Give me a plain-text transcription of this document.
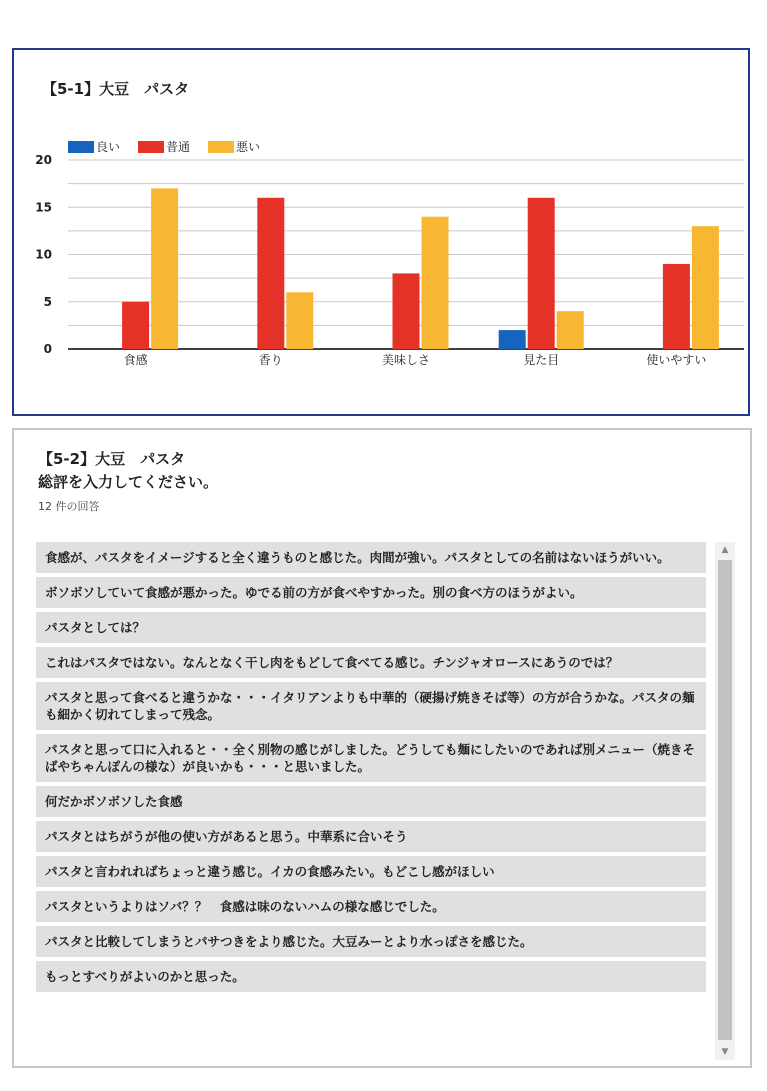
【5-1】大豆　パスタ
0
5
10
15
20
食感	香り	美味しさ	見た目	使いやすい
良い	普通	悪い
【5-2】大豆　パスタ
総評を入力してください。
12 件の回答
食感が、パスタをイメージすると全く違うものと感じた。肉間が強い。パスタとしての名前はないほうがいい。
ボソボソしていて食感が悪かった。ゆでる前の方が食べやすかった。別の食べ方のほうがよい。
パスタとしては？
これはパスタではない。なんとなく干し肉をもどして食べてる感じ。チンジャオロースにあうのでは？
パスタと思って食べると違うかな・・・イタリアンよりも中華的（硬揚げ焼きそば等）の方が合うかな。パスタの麺も細かく切れてしまって残念。
パスタと思って口に入れると・・全く別物の感じがしました。どうしても麺にしたいのであれば別メニュー（焼きそばやちゃんぽんの様な）が良いかも・・・と思いました。
何だかボソボソした食感
パスタとはちがうが他の使い方があると思う。中華系に合いそう
パスタと言われればちょっと違う感じ。イカの食感みたい。もどこし感がほしい
パスタというよりはソバ？？　食感は味のないハムの様な感じでした。
パスタと比較してしまうとパサつきをより感じた。大豆みーとより水っぽさを感じた。
もっとすべりがよいのかと思った。
▲
▼
